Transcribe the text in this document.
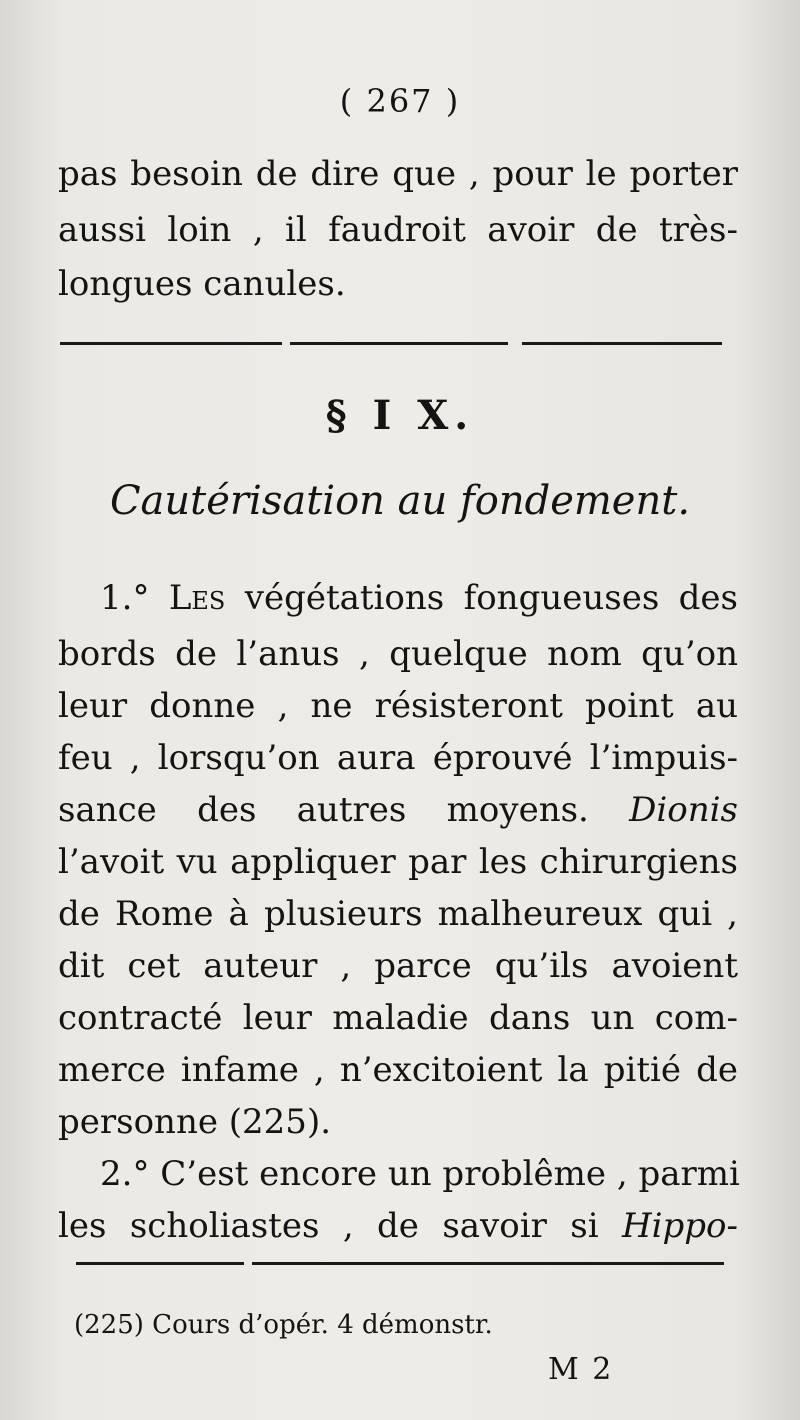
( 267 )
pas besoin de dire que , pour le porter
aussi loin , il faudroit avoir de très-
longues canules.
§ I X.
Cautérisation au fondement.
1.° Les végétations fongueuses des
bords de l’anus , quelque nom qu’on
leur donne , ne résisteront point au
feu , lorsqu’on aura éprouvé l’impuis-
sance des autres moyens. Dionis
l’avoit vu appliquer par les chirurgiens
de Rome à plusieurs malheureux qui ,
dit cet auteur , parce qu’ils avoient
contracté leur maladie dans un com-
merce infame , n’excitoient la pitié de
personne (225).
2.° C’est encore un problême , parmi
les scholiastes , de savoir si Hippo-
(225) Cours d’opér. 4 démonstr.
M 2
